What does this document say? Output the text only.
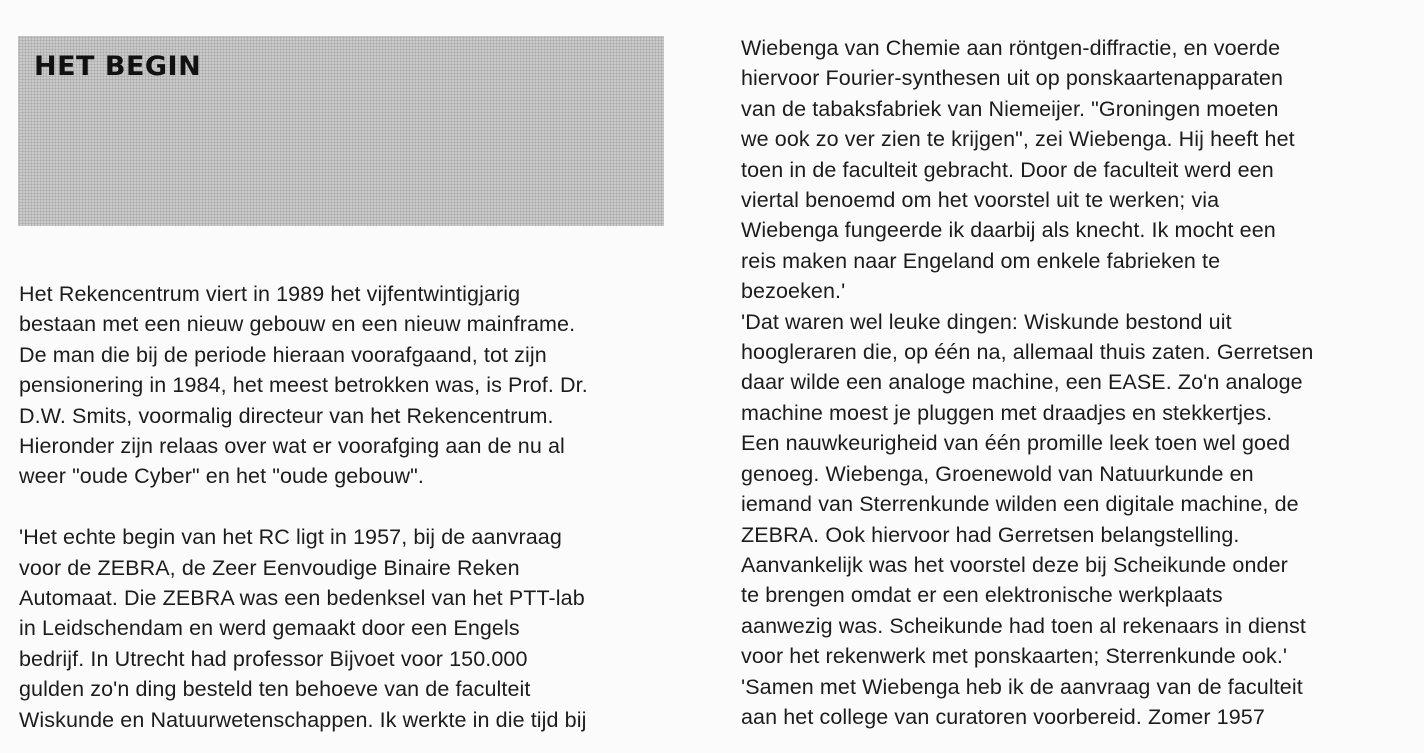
HET BEGIN
Het Rekencentrum viert in 1989 het vijfentwintigjarig
bestaan met een nieuw gebouw en een nieuw mainframe.
De man die bij de periode hieraan voorafgaand, tot zijn
pensionering in 1984, het meest betrokken was, is Prof. Dr.
D.W. Smits, voormalig directeur van het Rekencentrum.
Hieronder zijn relaas over wat er voorafging aan de nu al
weer "oude Cyber" en het "oude gebouw".
'Het echte begin van het RC ligt in 1957, bij de aanvraag
voor de ZEBRA, de Zeer Eenvoudige Binaire Reken
Automaat. Die ZEBRA was een bedenksel van het PTT-lab
in Leidschendam en werd gemaakt door een Engels
bedrijf. In Utrecht had professor Bijvoet voor 150.000
gulden zo'n ding besteld ten behoeve van de faculteit
Wiskunde en Natuurwetenschappen. Ik werkte in die tijd bij
Wiebenga van Chemie aan röntgen-diffractie, en voerde
hiervoor Fourier-synthesen uit op ponskaartenapparaten
van de tabaksfabriek van Niemeijer. "Groningen moeten
we ook zo ver zien te krijgen", zei Wiebenga. Hij heeft het
toen in de faculteit gebracht. Door de faculteit werd een
viertal benoemd om het voorstel uit te werken; via
Wiebenga fungeerde ik daarbij als knecht. Ik mocht een
reis maken naar Engeland om enkele fabrieken te
bezoeken.'
'Dat waren wel leuke dingen: Wiskunde bestond uit
hoogleraren die, op één na, allemaal thuis zaten. Gerretsen
daar wilde een analoge machine, een EASE. Zo'n analoge
machine moest je pluggen met draadjes en stekkertjes.
Een nauwkeurigheid van één promille leek toen wel goed
genoeg. Wiebenga, Groenewold van Natuurkunde en
iemand van Sterrenkunde wilden een digitale machine, de
ZEBRA. Ook hiervoor had Gerretsen belangstelling.
Aanvankelijk was het voorstel deze bij Scheikunde onder
te brengen omdat er een elektronische werkplaats
aanwezig was. Scheikunde had toen al rekenaars in dienst
voor het rekenwerk met ponskaarten; Sterrenkunde ook.'
'Samen met Wiebenga heb ik de aanvraag van de faculteit
aan het college van curatoren voorbereid. Zomer 1957
